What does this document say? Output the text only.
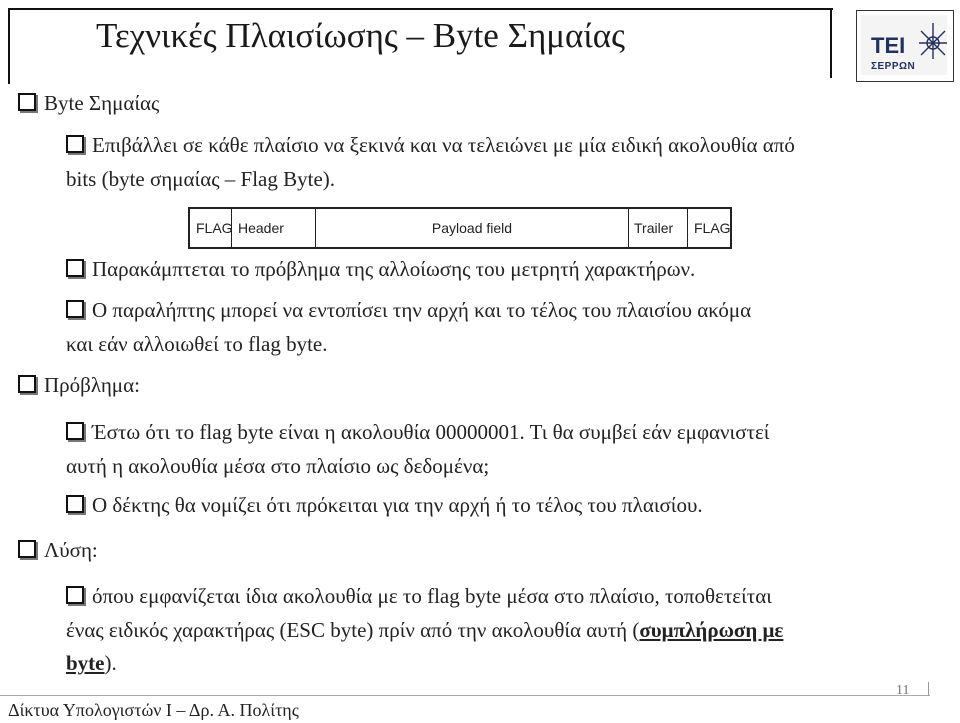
Τεχνικές Πλαισίωσης – Byte Σημαίας	ΤΕΙ
ΣΕΡΡΩΝ
Byte Σημαίας
Επιβάλλει σε κάθε πλαίσιο να ξεκινά και να τελειώνει με μία ειδική ακολουθία από
bits (byte σημαίας – Flag Byte).
FLAG Header	Payload field	Trailer	FLAG
Παρακάμπτεται το πρόβλημα της αλλοίωσης του μετρητή χαρακτήρων.
Ο παραλήπτης μπορεί να εντοπίσει την αρχή και το τέλος του πλαισίου ακόμα
και εάν αλλοιωθεί το flag byte.
Πρόβλημα:
Έστω ότι το flag byte είναι η ακολουθία 00000001. Τι θα συμβεί εάν εμφανιστεί
αυτή η ακολουθία μέσα στο πλαίσιο ως δεδομένα;
Ο δέκτης θα νομίζει ότι πρόκειται για την αρχή ή το τέλος του πλαισίου.
Λύση:
όπου εμφανίζεται ίδια ακολουθία με το flag byte μέσα στο πλαίσιο, τοποθετείται
ένας ειδικός χαρακτήρας (ESC byte) πρίν από την ακολουθία αυτή (συμπλήρωση με
byte).
11
Δίκτυα Υπολογιστών Ι – Δρ. Α. Πολίτης
